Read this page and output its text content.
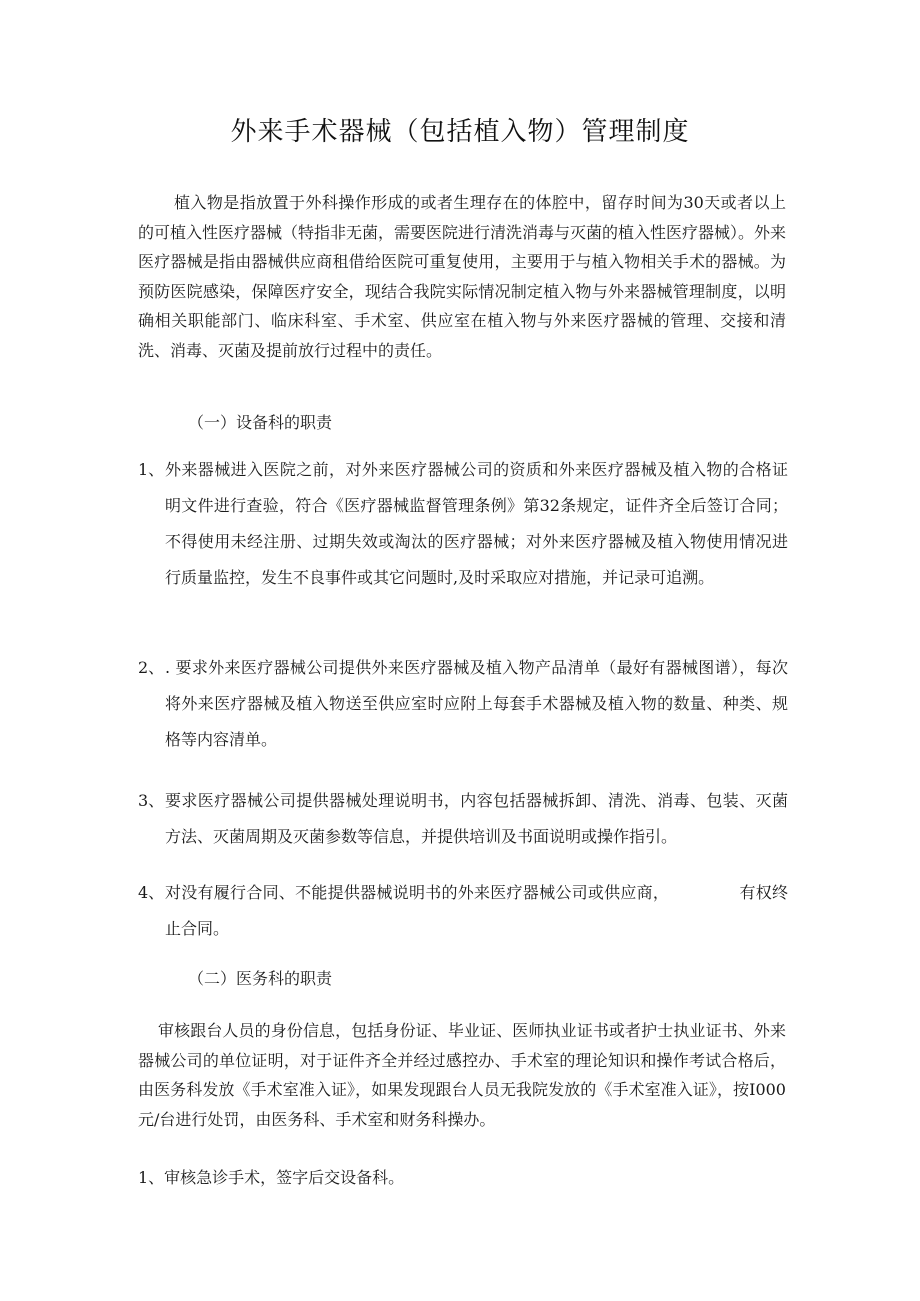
外来手术器械（包括植入物）管理制度

植入物是指放置于外科操作形成的或者生理存在的体腔中，留存时间为30天或者以上的可植入性医疗器械（特指非无菌，需要医院进行清洗消毒与灭菌的植入性医疗器械）。外来医疗器械是指由器械供应商租借给医院可重复使用，主要用于与植入物相关手术的器械。为预防医院感染，保障医疗安全，现结合我院实际情况制定植入物与外来器械管理制度，以明确相关职能部门、临床科室、手术室、供应室在植入物与外来医疗器械的管理、交接和清洗、消毒、灭菌及提前放行过程中的责任。

（一）设备科的职责
1、 外来器械进入医院之前，对外来医疗器械公司的资质和外来医疗器械及植入物的合格证明文件进行查验，符合《医疗器械监督管理条例》第32条规定，证件齐全后签订合同；不得使用未经注册、过期失效或淘汰的医疗器械；对外来医疗器械及植入物使用情况进行质量监控，发生不良事件或其它问题时,及时采取应对措施，并记录可追溯。
2、 . 要求外来医疗器械公司提供外来医疗器械及植入物产品清单（最好有器械图谱），每次将外来医疗器械及植入物送至供应室时应附上每套手术器械及植入物的数量、种类、规格等内容清单。
3、 要求医疗器械公司提供器械处理说明书，内容包括器械拆卸、清洗、消毒、包装、灭菌方法、灭菌周期及灭菌参数等信息，并提供培训及书面说明或操作指引。
4、 对没有履行合同、不能提供器械说明书的外来医疗器械公司或供应商，	有权终止合同。
（二）医务科的职责

审核跟台人员的身份信息，包括身份证、毕业证、医师执业证书或者护士执业证书、外来器械公司的单位证明，对于证件齐全并经过感控办、手术室的理论知识和操作考试合格后，由医务科发放《手术室准入证》，如果发现跟台人员无我院发放的《手术室准入证》，按I000元/台进行处罚，由医务科、手术室和财务科操办。

1、审核急诊手术，签字后交设备科。
